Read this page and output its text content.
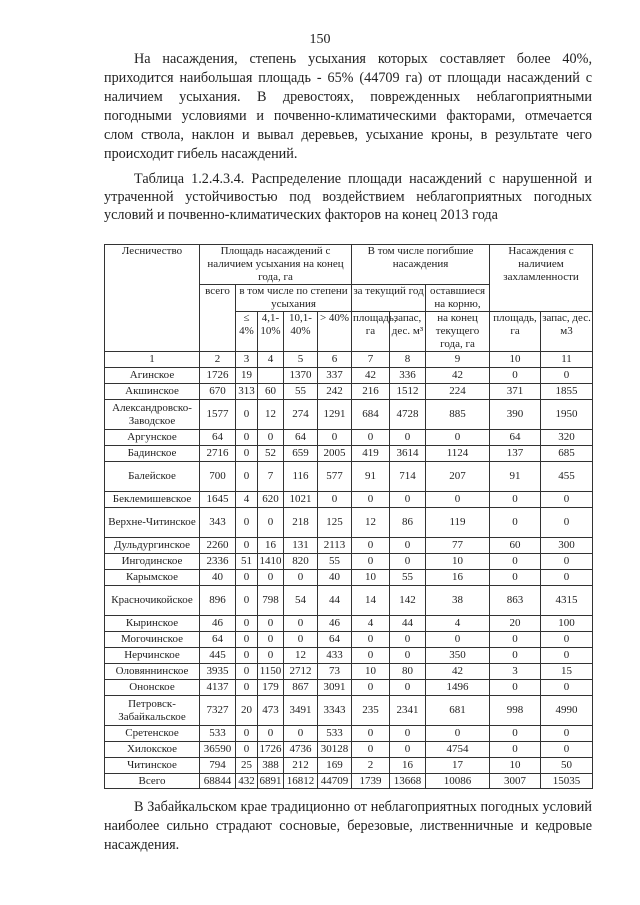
150

На насаждения, степень усыхания которых составляет более 40%, приходится наибольшая площадь - 65% (44709 га) от площади насаждений с наличием усыхания. В древостоях, поврежденных неблагоприятными погодными условиями и почвенно-климатическими факторами, отмечается слом ствола, наклон и вывал деревьев, усыхание кроны, в результате чего происходит гибель насаждений.

Таблица 1.2.4.3.4. Распределение площади насаждений с нарушенной и утраченной устойчивостью под воздействием неблагоприятных погодных условий и почвенно-климатических факторов на конец 2013 года

Лесничество	Площадь насаждений с наличием усыхания на конец года, га					В том числе погибшие насаждения			Насаждения с наличием захламленности	
	всего	в том числе по степени усыхания				за текущий год		оставшиеся на корню,		
		≤ 4%	4,1-10%	10,1-40%	> 40%	площадь, га	запас, дес. м³	на конец текущего года, га	площадь, га	запас, дес. м3
1	2	3	4	5	6	7	8	9	10	11
Агинское	1726	19		1370	337	42	336	42	0	0
Акшинское	670	313	60	55	242	216	1512	224	371	1855
Александровско-Заводское	1577	0	12	274	1291	684	4728	885	390	1950
Аргунское	64	0	0	64	0	0	0	0	64	320
Бадинское	2716	0	52	659	2005	419	3614	1124	137	685
Балейское	700	0	7	116	577	91	714	207	91	455
Беклемишевское	1645	4	620	1021	0	0	0	0	0	0
Верхне-Читинское	343	0	0	218	125	12	86	119	0	0
Дульдургинское	2260	0	16	131	2113	0	0	77	60	300
Ингодинское	2336	51	1410	820	55	0	0	10	0	0
Карымское	40	0	0	0	40	10	55	16	0	0
Красночикойское	896	0	798	54	44	14	142	38	863	4315
Кыринское	46	0	0	0	46	4	44	4	20	100
Могочинское	64	0	0	0	64	0	0	0	0	0
Нерчинское	445	0	0	12	433	0	0	350	0	0
Оловяннинское	3935	0	1150	2712	73	10	80	42	3	15
Ононское	4137	0	179	867	3091	0	0	1496	0	0
Петровск-Забайкальское	7327	20	473	3491	3343	235	2341	681	998	4990
Сретенское	533	0	0	0	533	0	0	0	0	0
Хилокское	36590	0	1726	4736	30128	0	0	4754	0	0
Читинское	794	25	388	212	169	2	16	17	10	50
Всего	68844	432	6891	16812	44709	1739	13668	10086	3007	15035

В Забайкальском крае традиционно от неблагоприятных погодных условий наиболее сильно страдают сосновые, березовые, лиственничные и кедровые насаждения.
